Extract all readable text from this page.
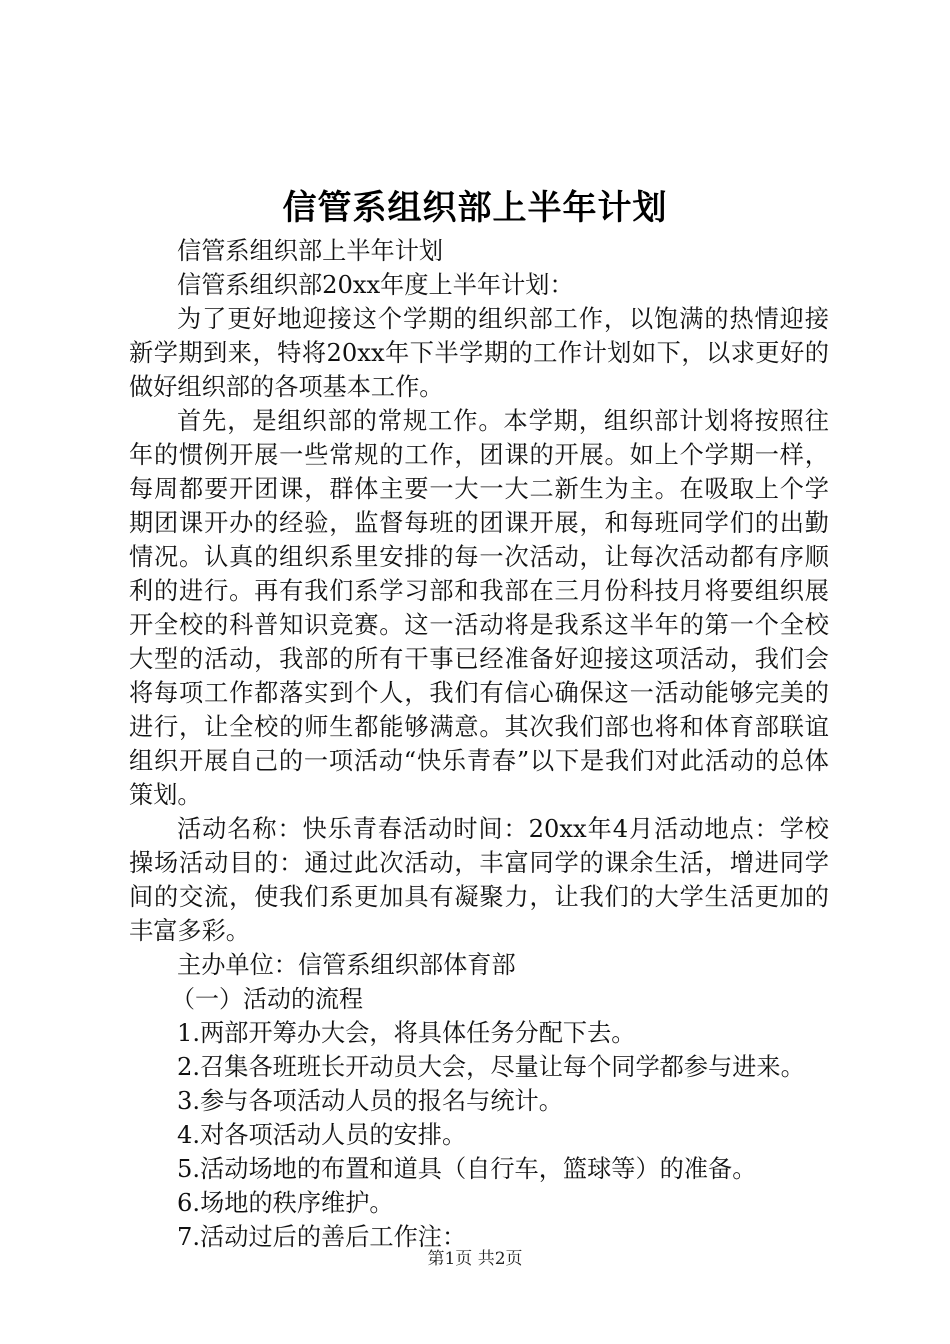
信管系组织部上半年计划

信管系组织部上半年计划

信管系组织部20xx年度上半年计划：

为了更好地迎接这个学期的组织部工作，以饱满的热情迎接新学期到来，特将20xx年下半学期的工作计划如下，以求更好的做好组织部的各项基本工作。

首先，是组织部的常规工作。本学期，组织部计划将按照往年的惯例开展一些常规的工作，团课的开展。如上个学期一样，每周都要开团课，群体主要一大一大二新生为主。在吸取上个学期团课开办的经验，监督每班的团课开展，和每班同学们的出勤情况。认真的组织系里安排的每一次活动，让每次活动都有序顺利的进行。再有我们系学习部和我部在三月份科技月将要组织展开全校的科普知识竞赛。这一活动将是我系这半年的第一个全校大型的活动，我部的所有干事已经准备好迎接这项活动，我们会将每项工作都落实到个人，我们有信心确保这一活动能够完美的进行，让全校的师生都能够满意。其次我们部也将和体育部联谊组织开展自己的一项活动“快乐青春”以下是我们对此活动的总体策划。

活动名称：快乐青春活动时间：20xx年4月活动地点：学校操场活动目的：通过此次活动，丰富同学的课余生活，增进同学间的交流，使我们系更加具有凝聚力，让我们的大学生活更加的丰富多彩。

主办单位：信管系组织部体育部

（一）活动的流程

1.两部开筹办大会，将具体任务分配下去。

2.召集各班班长开动员大会，尽量让每个同学都参与进来。

3.参与各项活动人员的报名与统计。

4.对各项活动人员的安排。

5.活动场地的布置和道具（自行车，篮球等）的准备。

6.场地的秩序维护。

7.活动过后的善后工作注：

第1页 共2页
